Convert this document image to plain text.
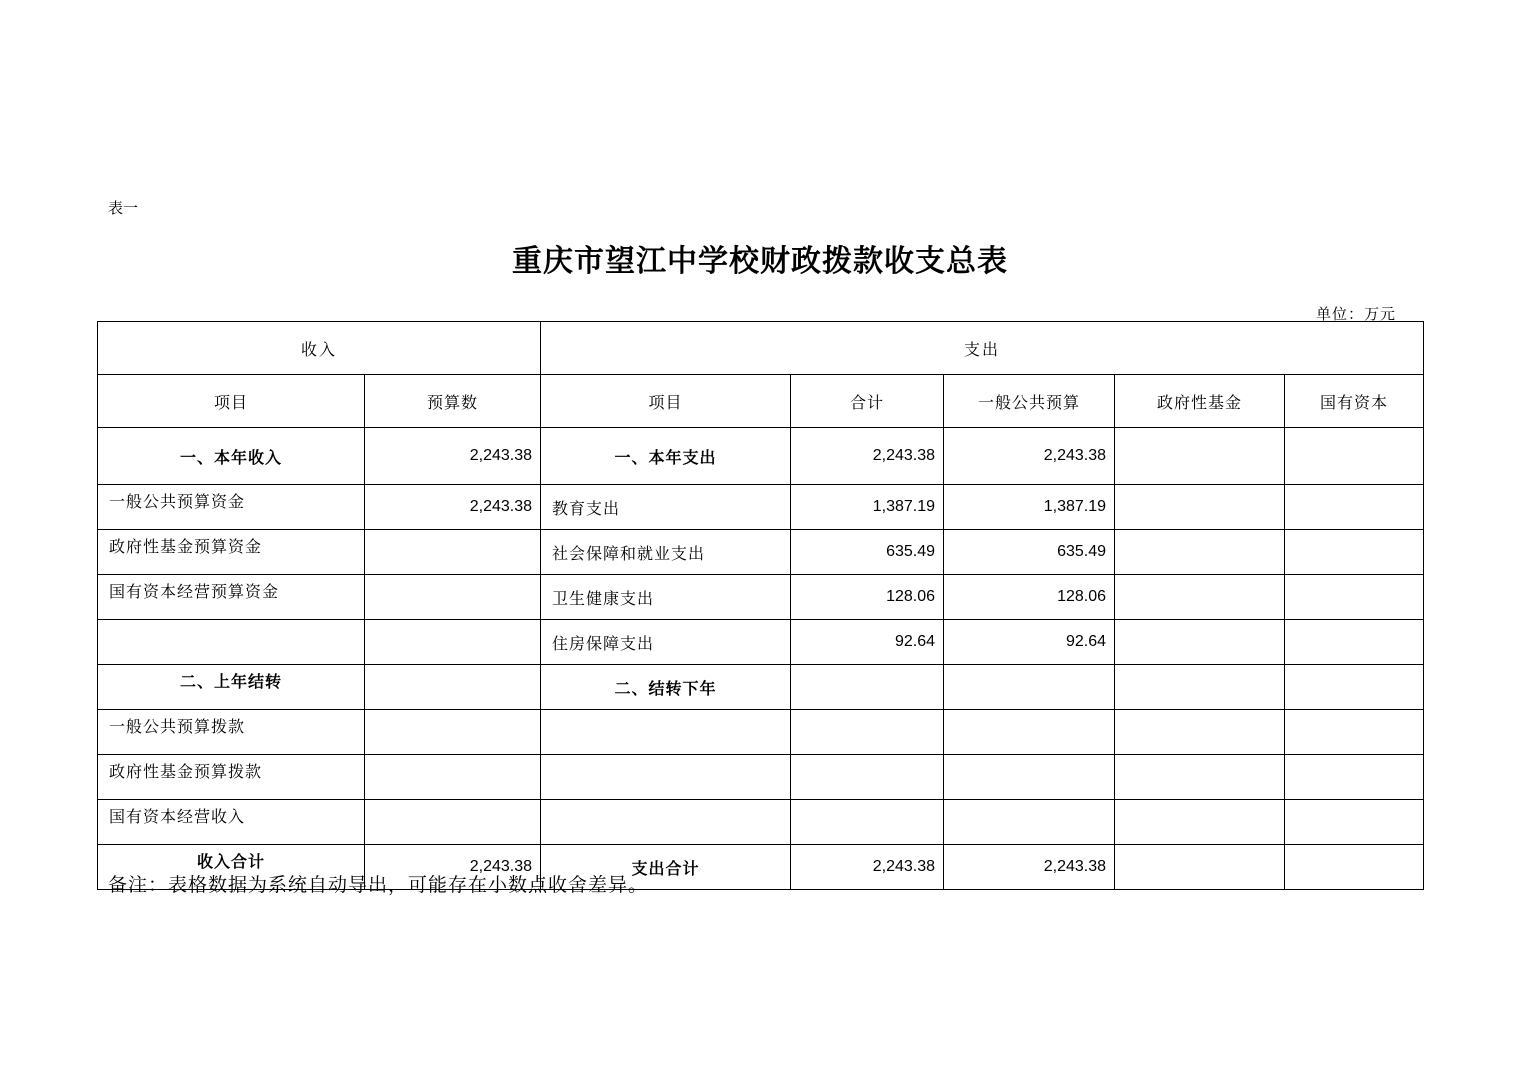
表一
重庆市望江中学校财政拨款收支总表
单位：万元
收入		支出				
项目	预算数	项目	合计	一般公共预算	政府性基金	国有资本
一、本年收入	2,243.38	一、本年支出	2,243.38	2,243.38		
一般公共预算资金	2,243.38	教育支出	1,387.19	1,387.19		
政府性基金预算资金		社会保障和就业支出	635.49	635.49		
国有资本经营预算资金		卫生健康支出	128.06	128.06		
		住房保障支出	92.64	92.64		
二、上年结转		二、结转下年				
一般公共预算拨款						
政府性基金预算拨款						
国有资本经营收入						
收入合计	2,243.38	支出合计	2,243.38	2,243.38		
备注：表格数据为系统自动导出，可能存在小数点收舍差异。
